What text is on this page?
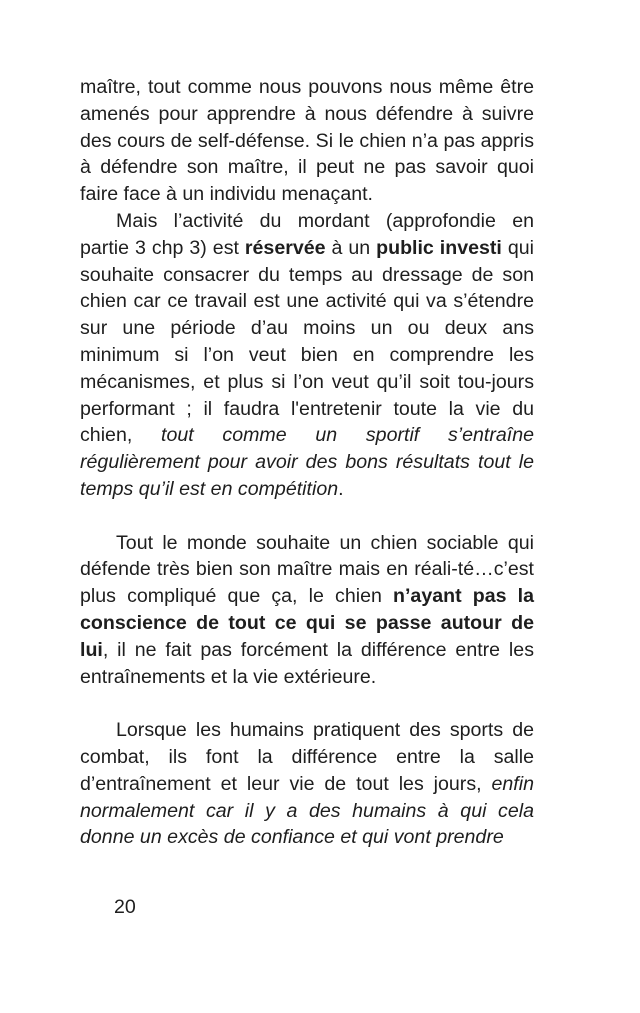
maître, tout comme nous pouvons nous même être amenés pour apprendre à nous défendre à suivre des cours de self-défense. Si le chien n’a pas appris à défendre son maître, il peut ne pas savoir quoi faire face à un individu menaçant.

Mais l’activité du mordant (approfondie en partie 3 chp 3) est réservée à un public investi qui souhaite consacrer du temps au dressage de son chien car ce travail est une activité qui va s’étendre sur une période d’au moins un ou deux ans minimum si l’on veut bien en comprendre les mécanismes, et plus si l’on veut qu’il soit tou-jours performant ; il faudra l'entretenir toute la vie du chien, tout comme un sportif s’entraîne régulièrement pour avoir des bons résultats tout le temps qu’il est en compétition.

Tout le monde souhaite un chien sociable qui défende très bien son maître mais en réali-té…c’est plus compliqué que ça, le chien n’ayant pas la conscience de tout ce qui se passe autour de lui, il ne fait pas forcément la différence entre les entraînements et la vie extérieure.

Lorsque les humains pratiquent des sports de combat, ils font la différence entre la salle d’entraînement et leur vie de tout les jours, enfin normalement car il y a des humains à qui cela donne un excès de confiance et qui vont prendre

20
